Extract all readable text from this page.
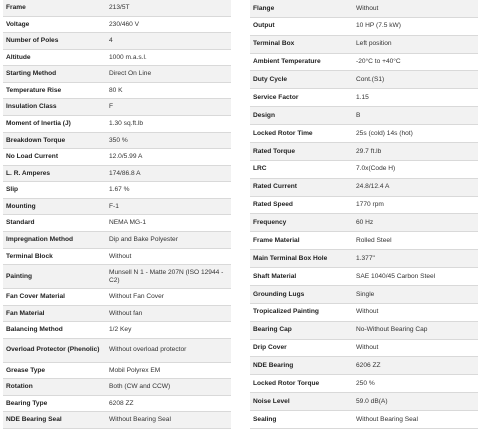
Frame	213/5T
Voltage	230/460 V
Number of Poles	4
Altitude	1000 m.a.s.l.
Starting Method	Direct On Line
Temperature Rise	80 K
Insulation Class	F
Moment of Inertia (J)	1.30 sq.ft.lb
Breakdown Torque	350 %
No Load Current	12.0/5.99 A
L. R. Amperes	174/86.8 A
Slip	1.67 %
Mounting	F-1
Standard	NEMA MG-1
Impregnation Method	Dip and Bake Polyester
Terminal Block	Without
Painting	Munsell N 1 - Matte 207N (ISO 12944 - C2)
Fan Cover Material	Without Fan Cover
Fan Material	Without fan
Balancing Method	1/2 Key
Overload Protector (Phenolic)	Without overload protector
Grease Type	Mobil Polyrex EM
Rotation	Both (CW and CCW)
Bearing Type	6208 ZZ
NDE Bearing Seal	Without Bearing Seal
Flange	Without
Output	10 HP (7.5 kW)
Terminal Box	Left position
Ambient Temperature	-20°C to +40°C
Duty Cycle	Cont.(S1)
Service Factor	1.15
Design	B
Locked Rotor Time	25s (cold) 14s (hot)
Rated Torque	29.7 ft.lb
LRC	7.0x(Code H)
Rated Current	24.8/12.4 A
Rated Speed	1770 rpm
Frequency	60 Hz
Frame Material	Rolled Steel
Main Terminal Box Hole	1.377"
Shaft Material	SAE 1040/45 Carbon Steel
Grounding Lugs	Single
Tropicalized Painting	Without
Bearing Cap	No-Without Bearing Cap
Drip Cover	Without
NDE Bearing	6206 ZZ
Locked Rotor Torque	250 %
Noise Level	59.0 dB(A)
Sealing	Without Bearing Seal
